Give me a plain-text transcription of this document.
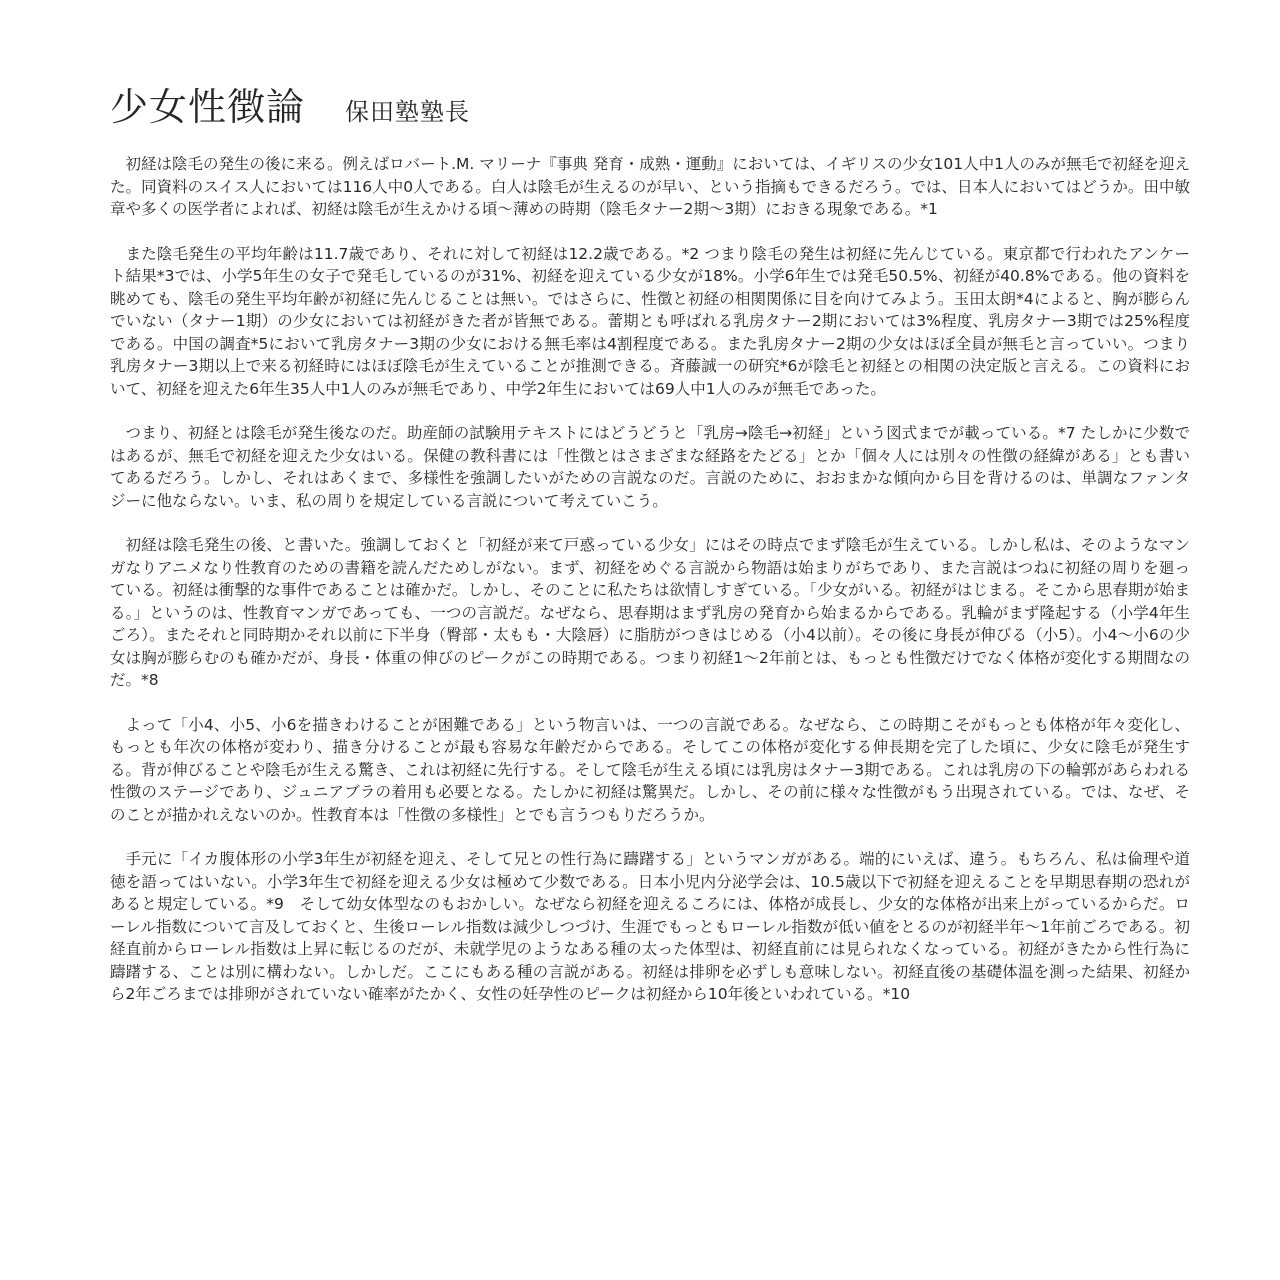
少女性徴論 保田塾塾長

初経は陰毛の発生の後に来る。例えばロバート.M. マリーナ『事典 発育・成熟・運動』においては、イギリスの少女101人中1人のみが無毛で初経を迎えた。同資料のスイス人においては116人中0人である。白人は陰毛が生えるのが早い、という指摘もできるだろう。では、日本人においてはどうか。田中敏章や多くの医学者によれば、初経は陰毛が生えかける頃〜薄めの時期（陰毛タナー2期〜3期）におきる現象である。*1

また陰毛発生の平均年齢は11.7歳であり、それに対して初経は12.2歳である。*2 つまり陰毛の発生は初経に先んじている。東京都で行われたアンケート結果*3では、小学5年生の女子で発毛しているのが31%、初経を迎えている少女が18%。小学6年生では発毛50.5%、初経が40.8%である。他の資料を眺めても、陰毛の発生平均年齢が初経に先んじることは無い。ではさらに、性徴と初経の相関関係に目を向けてみよう。玉田太朗*4によると、胸が膨らんでいない（タナー1期）の少女においては初経がきた者が皆無である。蕾期とも呼ばれる乳房タナー2期においては3%程度、乳房タナー3期では25%程度である。中国の調査*5において乳房タナー3期の少女における無毛率は4割程度である。また乳房タナー2期の少女はほぼ全員が無毛と言っていい。つまり乳房タナー3期以上で来る初経時にはほぼ陰毛が生えていることが推測できる。斉藤誠一の研究*6が陰毛と初経との相関の決定版と言える。この資料において、初経を迎えた6年生35人中1人のみが無毛であり、中学2年生においては69人中1人のみが無毛であった。

つまり、初経とは陰毛が発生後なのだ。助産師の試験用テキストにはどうどうと「乳房→陰毛→初経」という図式までが載っている。*7 たしかに少数ではあるが、無毛で初経を迎えた少女はいる。保健の教科書には「性徴とはさまざまな経路をたどる」とか「個々人には別々の性徴の経緯がある」とも書いてあるだろう。しかし、それはあくまで、多様性を強調したいがための言説なのだ。言説のために、おおまかな傾向から目を背けるのは、単調なファンタジーに他ならない。いま、私の周りを規定している言説について考えていこう。

初経は陰毛発生の後、と書いた。強調しておくと「初経が来て戸惑っている少女」にはその時点でまず陰毛が生えている。しかし私は、そのようなマンガなりアニメなり性教育のための書籍を読んだためしがない。まず、初経をめぐる言説から物語は始まりがちであり、また言説はつねに初経の周りを廻っている。初経は衝撃的な事件であることは確かだ。しかし、そのことに私たちは欲情しすぎている。「少女がいる。初経がはじまる。そこから思春期が始まる。」というのは、性教育マンガであっても、一つの言説だ。なぜなら、思春期はまず乳房の発育から始まるからである。乳輪がまず隆起する（小学4年生ごろ）。またそれと同時期かそれ以前に下半身（臀部・太もも・大陰唇）に脂肪がつきはじめる（小4以前）。その後に身長が伸びる（小5）。小4〜小6の少女は胸が膨らむのも確かだが、身長・体重の伸びのピークがこの時期である。つまり初経1〜2年前とは、もっとも性徴だけでなく体格が変化する期間なのだ。*8

よって「小4、小5、小6を描きわけることが困難である」という物言いは、一つの言説である。なぜなら、この時期こそがもっとも体格が年々変化し、もっとも年次の体格が変わり、描き分けることが最も容易な年齢だからである。そしてこの体格が変化する伸長期を完了した頃に、少女に陰毛が発生する。背が伸びることや陰毛が生える驚き、これは初経に先行する。そして陰毛が生える頃には乳房はタナー3期である。これは乳房の下の輪郭があらわれる性徴のステージであり、ジュニアブラの着用も必要となる。たしかに初経は驚異だ。しかし、その前に様々な性徴がもう出現されている。では、なぜ、そのことが描かれえないのか。性教育本は「性徴の多様性」とでも言うつもりだろうか。

手元に「イカ腹体形の小学3年生が初経を迎え、そして兄との性行為に躊躇する」というマンガがある。端的にいえば、違う。もちろん、私は倫理や道徳を語ってはいない。小学3年生で初経を迎える少女は極めて少数である。日本小児内分泌学会は、10.5歳以下で初経を迎えることを早期思春期の恐れがあると規定している。*9　そして幼女体型なのもおかしい。なぜなら初経を迎えるころには、体格が成長し、少女的な体格が出来上がっているからだ。ローレル指数について言及しておくと、生後ローレル指数は減少しつづけ、生涯でもっともローレル指数が低い値をとるのが初経半年〜1年前ごろである。初経直前からローレル指数は上昇に転じるのだが、未就学児のようなある種の太った体型は、初経直前には見られなくなっている。初経がきたから性行為に躊躇する、ことは別に構わない。しかしだ。ここにもある種の言説がある。初経は排卵を必ずしも意味しない。初経直後の基礎体温を測った結果、初経から2年ごろまでは排卵がされていない確率がたかく、女性の妊孕性のピークは初経から10年後といわれている。*10
